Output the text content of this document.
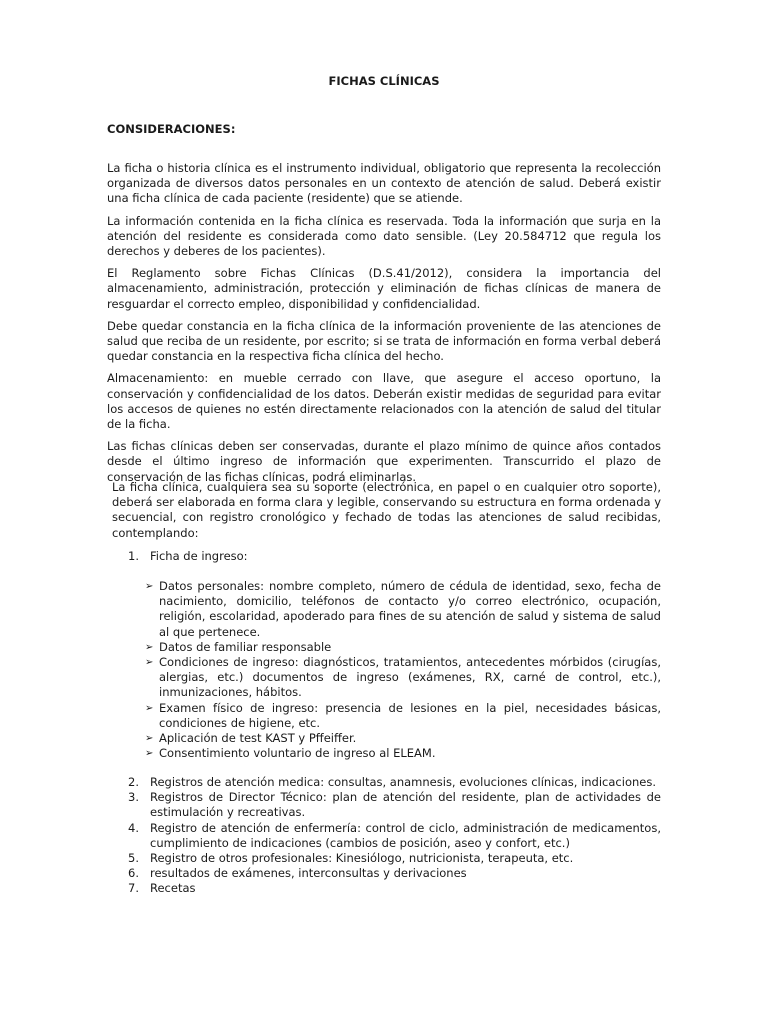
FICHAS CLÍNICAS
CONSIDERACIONES:

La ficha o historia clínica es el instrumento individual, obligatorio que representa la recolección organizada de diversos datos personales en un contexto de atención de salud. Deberá existir una ficha clínica de cada paciente (residente) que se atiende.

La información contenida en la ficha clínica es reservada. Toda la información que surja en la atención del residente es considerada como dato sensible. (Ley 20.584712 que regula los derechos y deberes de los pacientes).

El Reglamento sobre Fichas Clínicas (D.S.41/2012), considera la importancia del almacenamiento, administración, protección y eliminación de fichas clínicas de manera de resguardar el correcto empleo, disponibilidad y confidencialidad.

Debe quedar constancia en la ficha clínica de la información proveniente de las atenciones de salud que reciba de un residente, por escrito; si se trata de información en forma verbal deberá quedar constancia en la respectiva ficha clínica del hecho.

Almacenamiento: en mueble cerrado con llave, que asegure el acceso oportuno, la conservación y confidencialidad de los datos. Deberán existir medidas de seguridad para evitar los accesos de quienes no estén directamente relacionados con la atención de salud del titular de la ficha.

Las fichas clínicas deben ser conservadas, durante el plazo mínimo de quince años contados desde el último ingreso de información que experimenten. Transcurrido el plazo de conservación de las fichas clínicas, podrá eliminarlas.

La ficha clínica, cualquiera sea su soporte (electrónica, en papel o en cualquier otro soporte), deberá ser elaborada en forma clara y legible, conservando su estructura en forma ordenada y secuencial, con registro cronológico y fechado de todas las atenciones de salud recibidas, contemplando:
1. Ficha de ingreso:
➢ Datos personales: nombre completo, número de cédula de identidad, sexo, fecha de nacimiento, domicilio, teléfonos de contacto y/o correo electrónico, ocupación, religión, escolaridad, apoderado para fines de su atención de salud y sistema de salud al que pertenece.
➢ Datos de familiar responsable
➢ Condiciones de ingreso: diagnósticos, tratamientos, antecedentes mórbidos (cirugías, alergias, etc.) documentos de ingreso (exámenes, RX, carné de control, etc.), inmunizaciones, hábitos.
➢ Examen físico de ingreso: presencia de lesiones en la piel, necesidades básicas, condiciones de higiene, etc.
➢ Aplicación de test KAST y Pffeiffer.
➢ Consentimiento voluntario de ingreso al ELEAM.
2. Registros de atención medica: consultas, anamnesis, evoluciones clínicas, indicaciones.
3. Registros de Director Técnico: plan de atención del residente, plan de actividades de estimulación y recreativas.
4. Registro de atención de enfermería: control de ciclo, administración de medicamentos, cumplimiento de indicaciones (cambios de posición, aseo y confort, etc.)
5. Registro de otros profesionales: Kinesiólogo, nutricionista, terapeuta, etc.
6. resultados de exámenes, interconsultas y derivaciones
7. Recetas
